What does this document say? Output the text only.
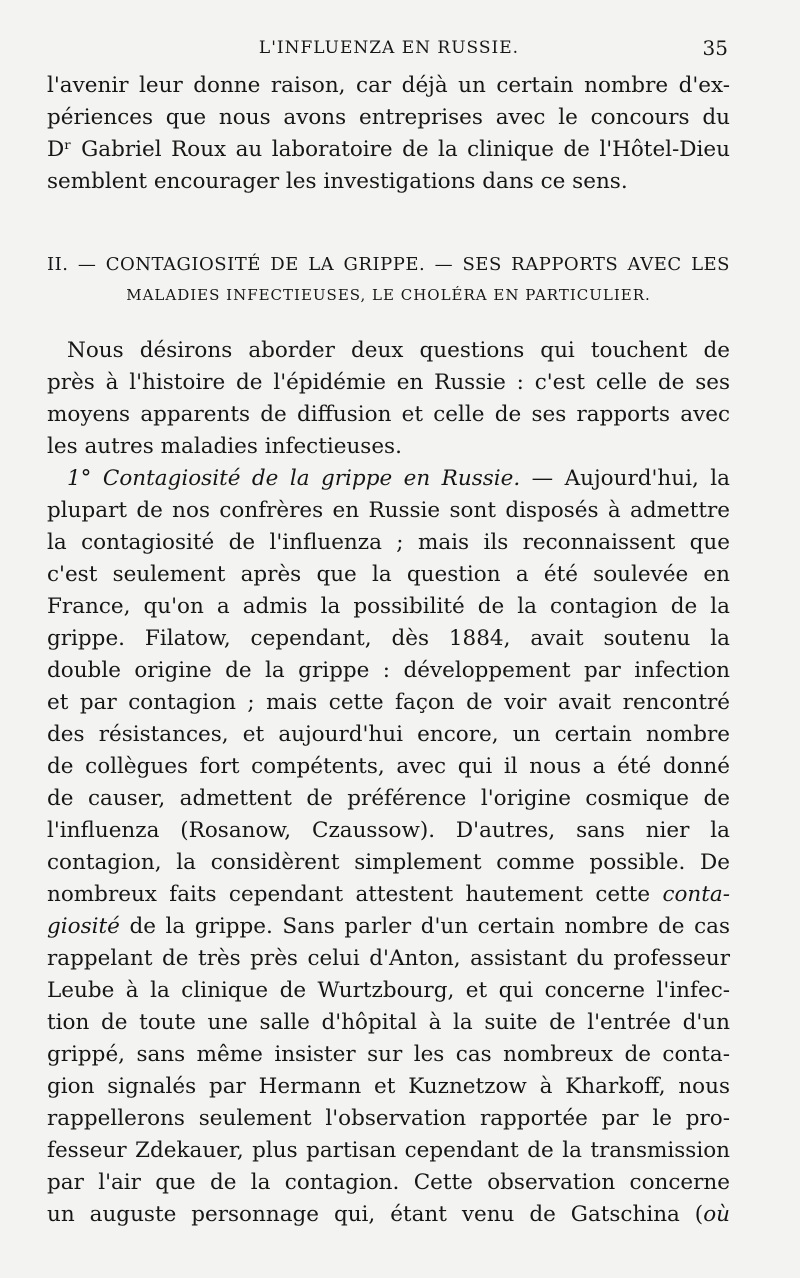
L'INFLUENZA EN RUSSIE.	35
l'avenir leur donne raison, car déjà un certain nombre d'ex-
périences que nous avons entreprises avec le concours du
Dʳ Gabriel Roux au laboratoire de la clinique de l'Hôtel-Dieu
semblent encourager les investigations dans ce sens.
II. — CONTAGIOSITÉ DE LA GRIPPE. — SES RAPPORTS AVEC LES
MALADIES INFECTIEUSES, LE CHOLÉRA EN PARTICULIER.
Nous désirons aborder deux questions qui touchent de
près à l'histoire de l'épidémie en Russie : c'est celle de ses
moyens apparents de diffusion et celle de ses rapports avec
les autres maladies infectieuses.
1° Contagiosité de la grippe en Russie. — Aujourd'hui, la
plupart de nos confrères en Russie sont disposés à admettre
la contagiosité de l'influenza ; mais ils reconnaissent que
c'est seulement après que la question a été soulevée en
France, qu'on a admis la possibilité de la contagion de la
grippe. Filatow, cependant, dès 1884, avait soutenu la
double origine de la grippe : développement par infection
et par contagion ; mais cette façon de voir avait rencontré
des résistances, et aujourd'hui encore, un certain nombre
de collègues fort compétents, avec qui il nous a été donné
de causer, admettent de préférence l'origine cosmique de
l'influenza (Rosanow, Czaussow). D'autres, sans nier la
contagion, la considèrent simplement comme possible. De
nombreux faits cependant attestent hautement cette conta-
giosité de la grippe. Sans parler d'un certain nombre de cas
rappelant de très près celui d'Anton, assistant du professeur
Leube à la clinique de Wurtzbourg, et qui concerne l'infec-
tion de toute une salle d'hôpital à la suite de l'entrée d'un
grippé, sans même insister sur les cas nombreux de conta-
gion signalés par Hermann et Kuznetzow à Kharkoff, nous
rappellerons seulement l'observation rapportée par le pro-
fesseur Zdekauer, plus partisan cependant de la transmission
par l'air que de la contagion. Cette observation concerne
un auguste personnage qui, étant venu de Gatschina (où
